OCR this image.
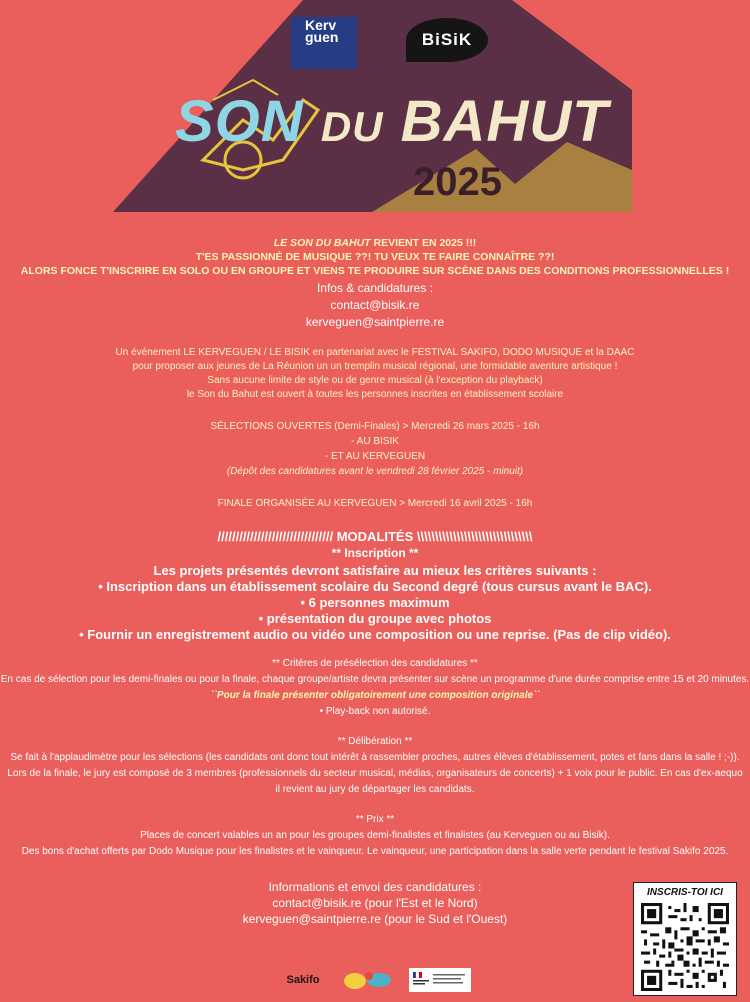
Kerv guen	BiSiK
SON DU BAHUT
2025
LE SON DU BAHUT REVIENT EN 2025 !!!
T'ES PASSIONNÉ DE MUSIQUE ??! TU VEUX TE FAIRE CONNAÎTRE ??!
ALORS FONCE T'INSCRIRE EN SOLO OU EN GROUPE ET VIENS TE PRODUIRE SUR SCÈNE DANS DES CONDITIONS PROFESSIONNELLES !
Infos & candidatures :
contact@bisik.re
kerveguen@saintpierre.re
Un événement LE KERVEGUEN / LE BISIK en partenariat avec le FESTIVAL SAKIFO, DODO MUSIQUE et la DAAC
pour proposer aux jeunes de La Réunion un un tremplin musical régional, une formidable aventure artistique !
Sans aucune limite de style ou de genre musical (à l'exception du playback)
le Son du Bahut est ouvert à toutes les personnes inscrites en établissement scolaire
SÉLECTIONS OUVERTES (Demi-Finales) > Mercredi 26 mars 2025 - 16h
- AU BISIK
- ET AU KERVEGUEN
(Dépôt des candidatures avant le vendredi 28 février 2025 - minuit)
FINALE ORGANISÉE AU KERVEGUEN > Mercredi 16 avril 2025 - 16h
//////////////////////////////// MODALITÉS \\\\\\\\\\\\\\\\\\\\\\\\\\\\\\\\
** Inscription **
Les projets présentés devront satisfaire au mieux les critères suivants :
• Inscription dans un établissement scolaire du Second degré (tous cursus avant le BAC).
• 6 personnes maximum
• présentation du groupe avec photos
• Fournir un enregistrement audio ou vidéo une composition ou une reprise. (Pas de clip vidéo).
** Critères de présélection des candidatures **
En cas de sélection pour les demi-finales ou pour la finale, chaque groupe/artiste devra présenter sur scène un programme d'une durée comprise entre 15 et 20 minutes.
``Pour la finale présenter obligatoirement une composition originale``
• Play-back non autorisé.
** Délibération **
Se fait à l'applaudimètre pour les sélections (les candidats ont donc tout intérêt à rassembler proches, autres élèves d'établissement, potes et fans dans la salle ! ;-)).
Lors de la finale, le jury est composé de 3 membres (professionnels du secteur musical, médias, organisateurs de concerts) + 1 voix pour le public. En cas d'ex-aequo
il revient au jury de départager les candidats.
** Prix **
Places de concert valables un an pour les groupes demi-finalistes et finalistes (au Kerveguen ou au Bisik).
Des bons d'achat offerts par Dodo Musique pour les finalistes et le vainqueur. Le vainqueur, une participation dans la salle verte pendant le festival Sakifo 2025.
Informations et envoi des candidatures :
contact@bisik.re (pour l'Est et le Nord)
kerveguen@saintpierre.re (pour le Sud et l'Ouest)
INSCRIS-TOI ICI
Sakifo
